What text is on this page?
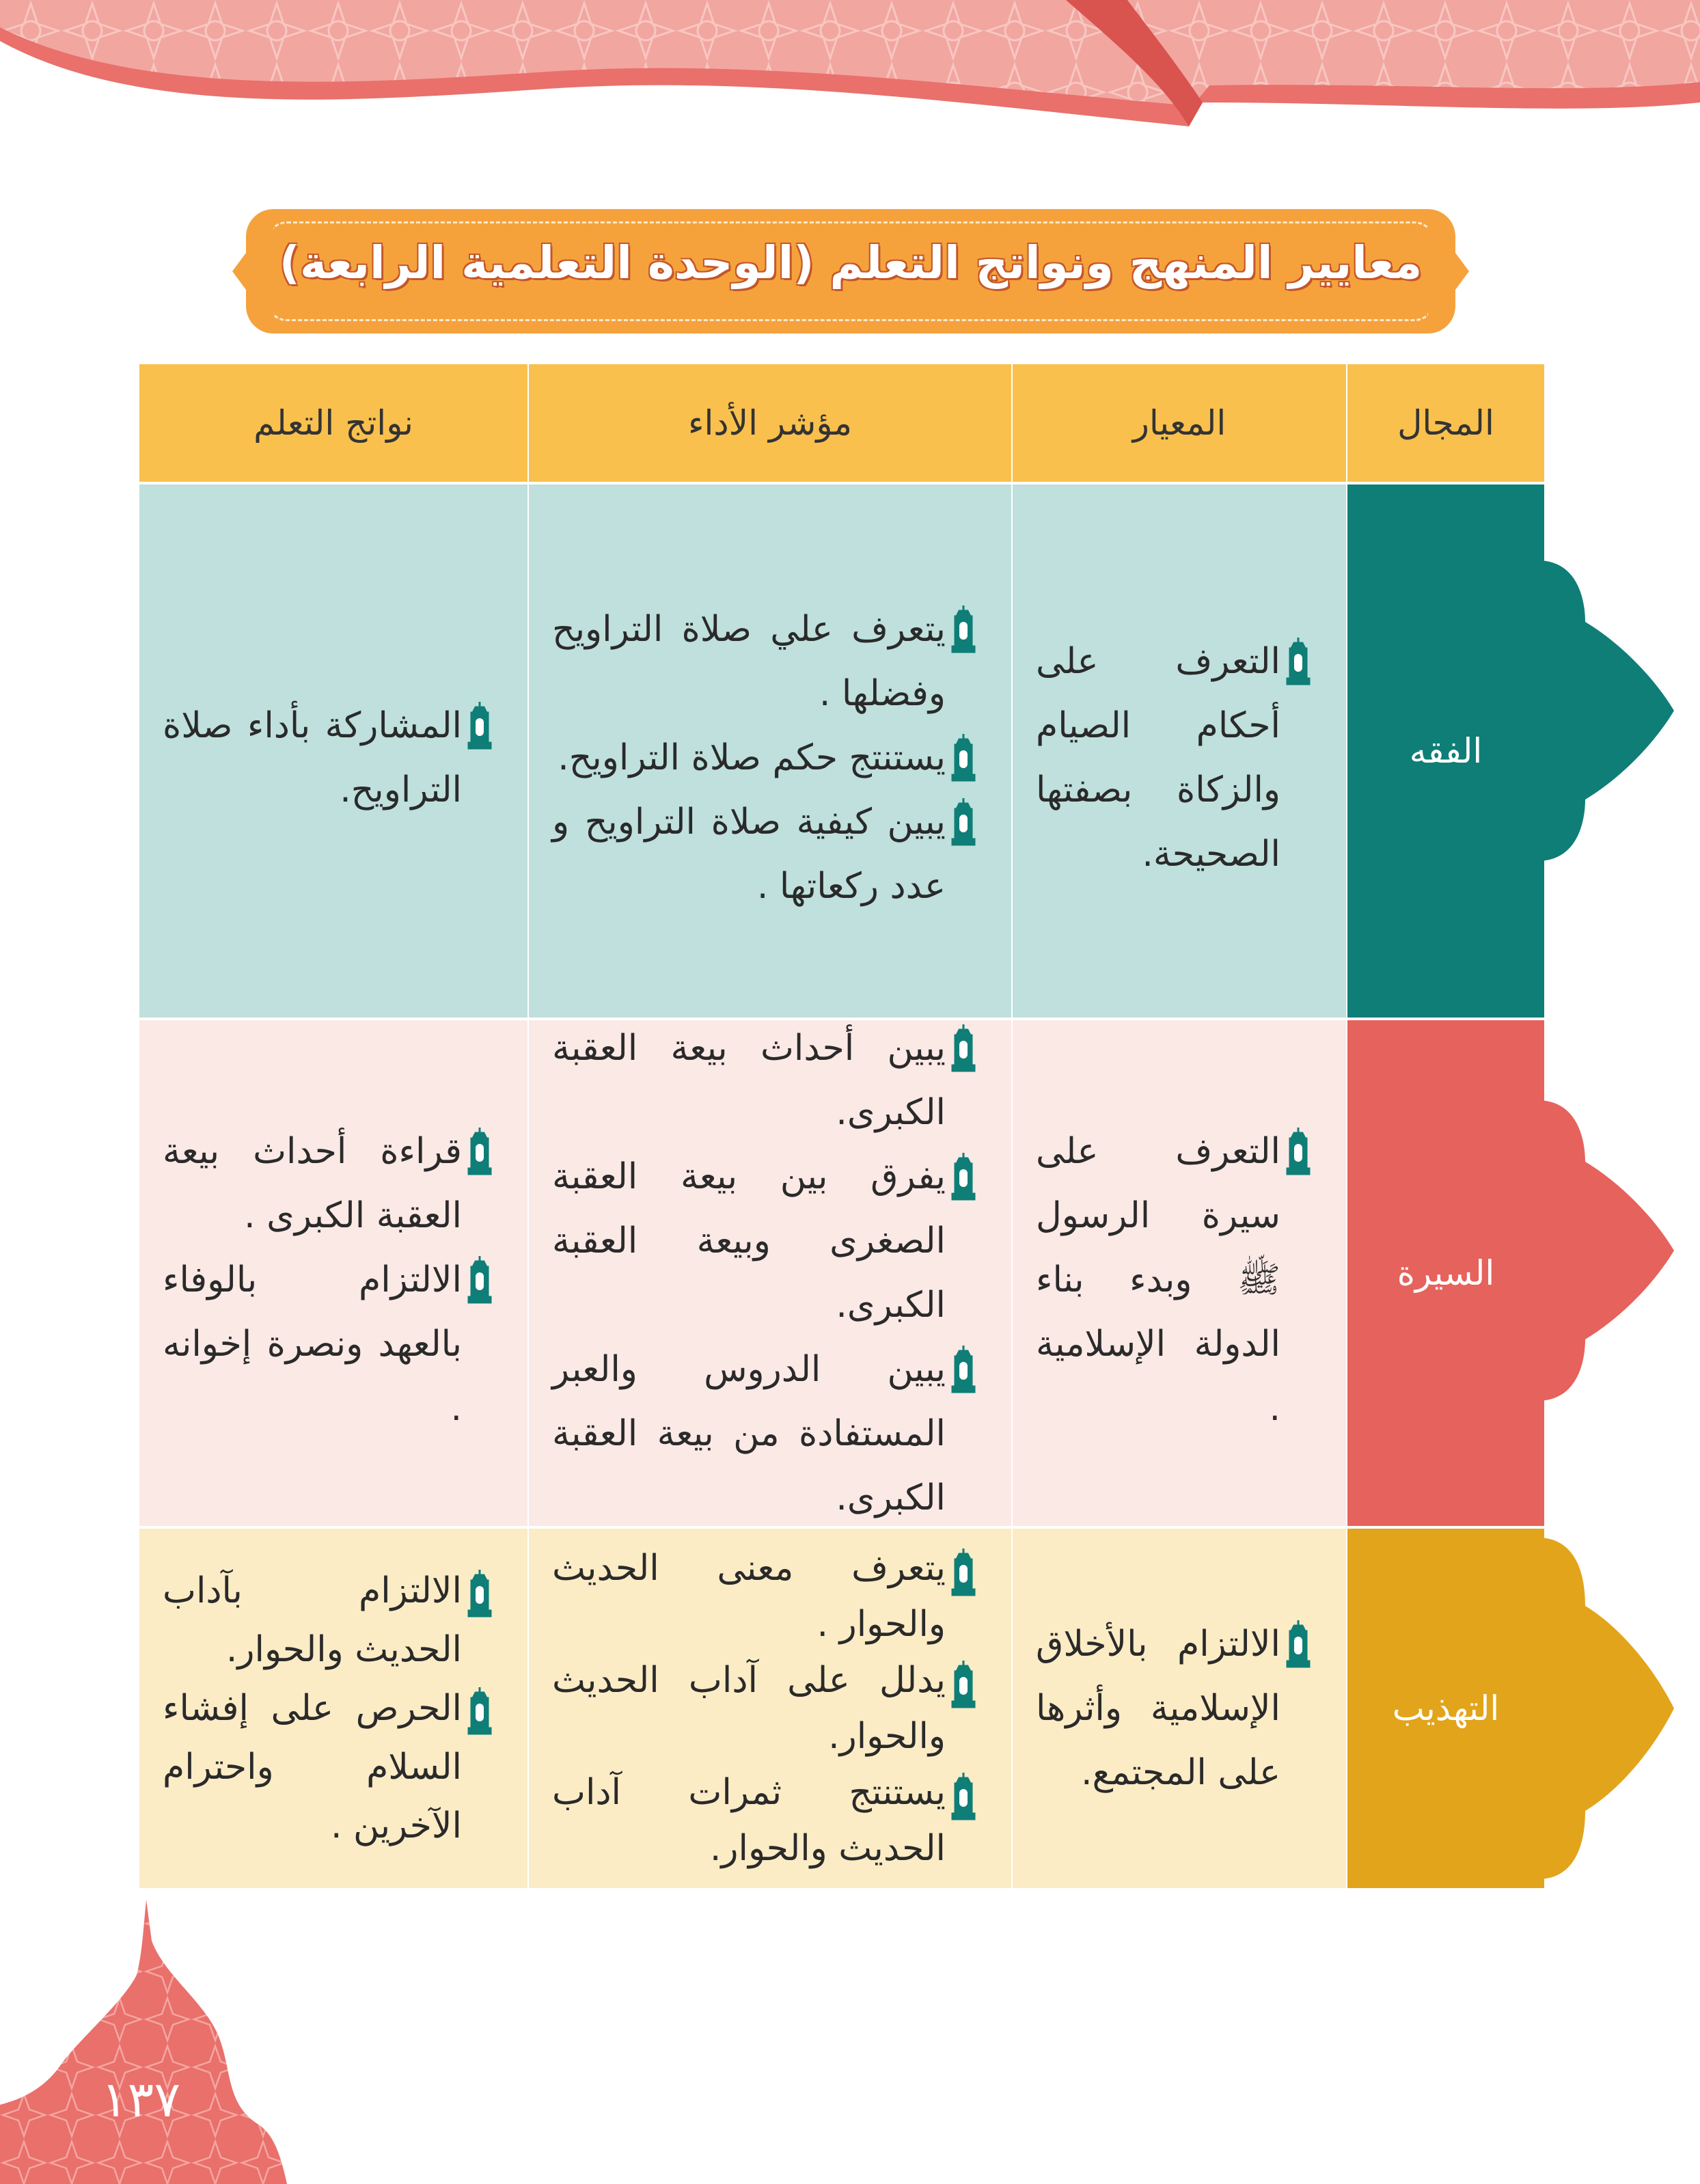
معايير المنهج ونواتج التعلم (الوحدة التعلمية الرابعة)
المجال
المعيار
مؤشر الأداء
نواتج التعلم
الفقه
التعرف على أحكام الصيام والزكاة بصفتها الصحيحة.
يتعرف علي صلاة التراويح وفضلها .
يستنتج حكم صلاة التراويح.
يبين كيفية صلاة التراويح و عدد ركعاتها .
المشاركة بأداء صلاة التراويح.
السيرة
التعرف على سيرة الرسول ﷺ وبدء بناء الدولة الإسلامية .
يبين أحداث بيعة العقبة الكبرى.
يفرق بين بيعة العقبة الصغرى وبيعة العقبة الكبرى.
يبين الدروس والعبر المستفادة من بيعة العقبة الكبرى.
قراءة أحداث بيعة العقبة الكبرى .
الالتزام بالوفاء بالعهد ونصرة إخوانه .
التهذيب
الالتزام بالأخلاق الإسلامية وأثرها على المجتمع.
يتعرف معنى الحديث والحوار .
يدلل على آداب الحديث والحوار.
يستنتج ثمرات آداب الحديث والحوار.
الالتزام بآداب الحديث والحوار.
الحرص على إفشاء السلام واحترام الآخرين .
١٣٧
